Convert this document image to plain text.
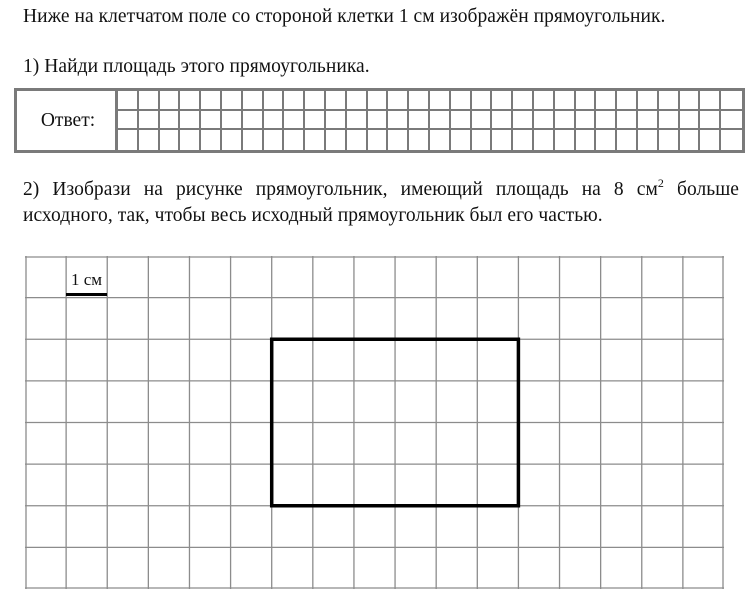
Ниже на клетчатом поле со стороной клетки 1 см изображён прямоугольник.
1) Найди площадь этого прямоугольника.
Ответ:
2) Изобрази на рисунке прямоугольник, имеющий площадь на 8 $см^2$ больше
исходного, так, чтобы весь исходный прямоугольник был его частью.
1 см
